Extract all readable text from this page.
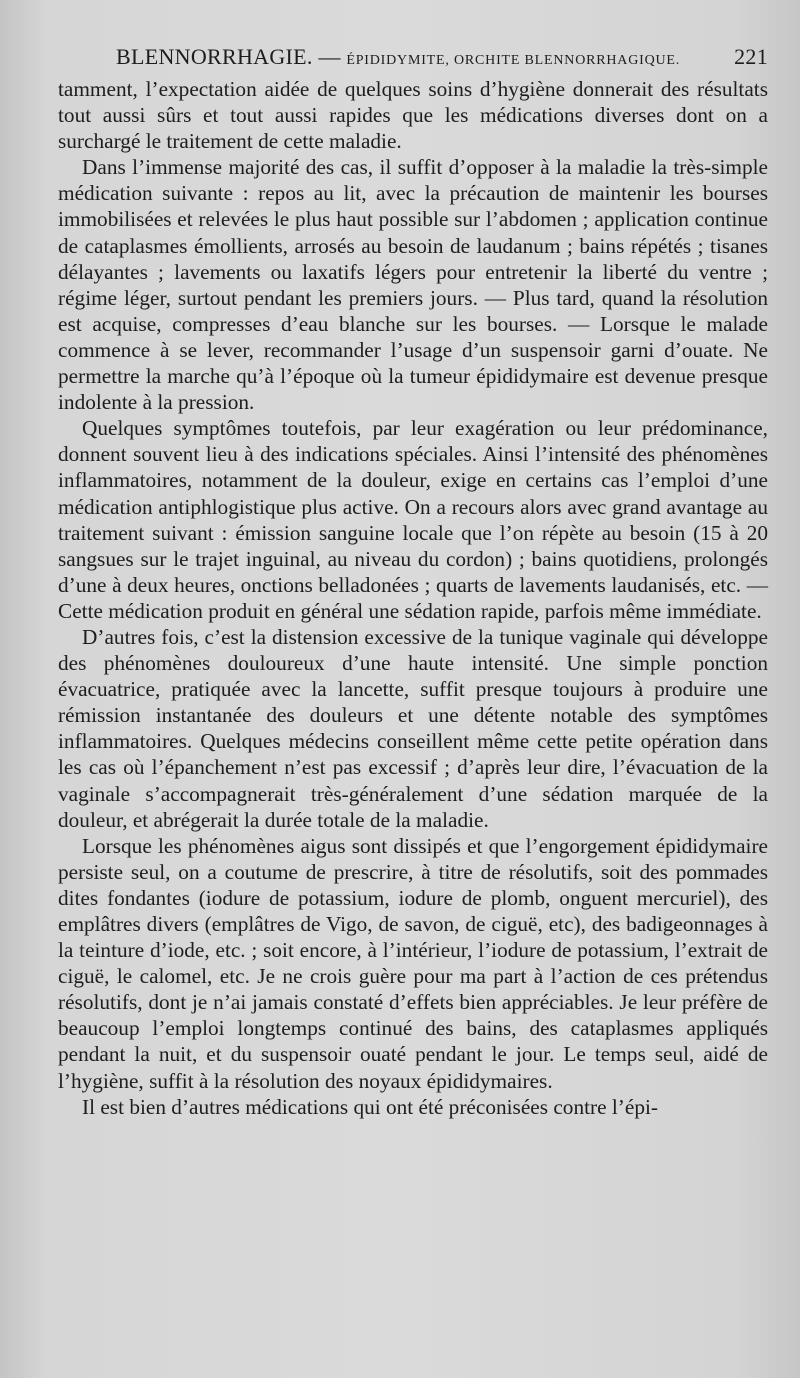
BLENNORRHAGIE. — ÉPIDIDYMITE, ORCHITE BLENNORRHAGIQUE. 221

tamment, l’expectation aidée de quelques soins d’hygiène donnerait des résultats tout aussi sûrs et tout aussi rapides que les médications diverses dont on a surchargé le traitement de cette maladie.

Dans l’immense majorité des cas, il suffit d’opposer à la maladie la très-simple médication suivante : repos au lit, avec la précaution de maintenir les bourses immobilisées et relevées le plus haut possible sur l’abdomen ; application continue de cataplasmes émollients, arrosés au besoin de laudanum ; bains répétés ; tisanes délayantes ; lavements ou laxatifs légers pour entretenir la liberté du ventre ; régime léger, surtout pendant les premiers jours. — Plus tard, quand la résolution est acquise, compresses d’eau blanche sur les bourses. — Lorsque le malade commence à se lever, recommander l’usage d’un suspensoir garni d’ouate. Ne permettre la marche qu’à l’époque où la tumeur épididymaire est devenue presque indolente à la pression.

Quelques symptômes toutefois, par leur exagération ou leur prédominance, donnent souvent lieu à des indications spéciales. Ainsi l’intensité des phénomènes inflammatoires, notamment de la douleur, exige en certains cas l’emploi d’une médication antiphlogistique plus active. On a recours alors avec grand avantage au traitement suivant : émission sanguine locale que l’on répète au besoin (15 à 20 sangsues sur le trajet inguinal, au niveau du cordon) ; bains quotidiens, prolongés d’une à deux heures, onctions belladonées ; quarts de lavements laudanisés, etc. — Cette médication produit en général une sédation rapide, parfois même immédiate.

D’autres fois, c’est la distension excessive de la tunique vaginale qui développe des phénomènes douloureux d’une haute intensité. Une simple ponction évacuatrice, pratiquée avec la lancette, suffit presque toujours à produire une rémission instantanée des douleurs et une détente notable des symptômes inflammatoires. Quelques médecins conseillent même cette petite opération dans les cas où l’épanchement n’est pas excessif ; d’après leur dire, l’évacuation de la vaginale s’accompagnerait très-généralement d’une sédation marquée de la douleur, et abrégerait la durée totale de la maladie.

Lorsque les phénomènes aigus sont dissipés et que l’engorgement épididymaire persiste seul, on a coutume de prescrire, à titre de résolutifs, soit des pommades dites fondantes (iodure de potassium, iodure de plomb, onguent mercuriel), des emplâtres divers (emplâtres de Vigo, de savon, de ciguë, etc), des badigeonnages à la teinture d’iode, etc. ; soit encore, à l’intérieur, l’iodure de potassium, l’extrait de ciguë, le calomel, etc. Je ne crois guère pour ma part à l’action de ces prétendus résolutifs, dont je n’ai jamais constaté d’effets bien appréciables. Je leur préfère de beaucoup l’emploi longtemps continué des bains, des cataplasmes appliqués pendant la nuit, et du suspensoir ouaté pendant le jour. Le temps seul, aidé de l’hygiène, suffit à la résolution des noyaux épididymaires.

Il est bien d’autres médications qui ont été préconisées contre l’épi-
